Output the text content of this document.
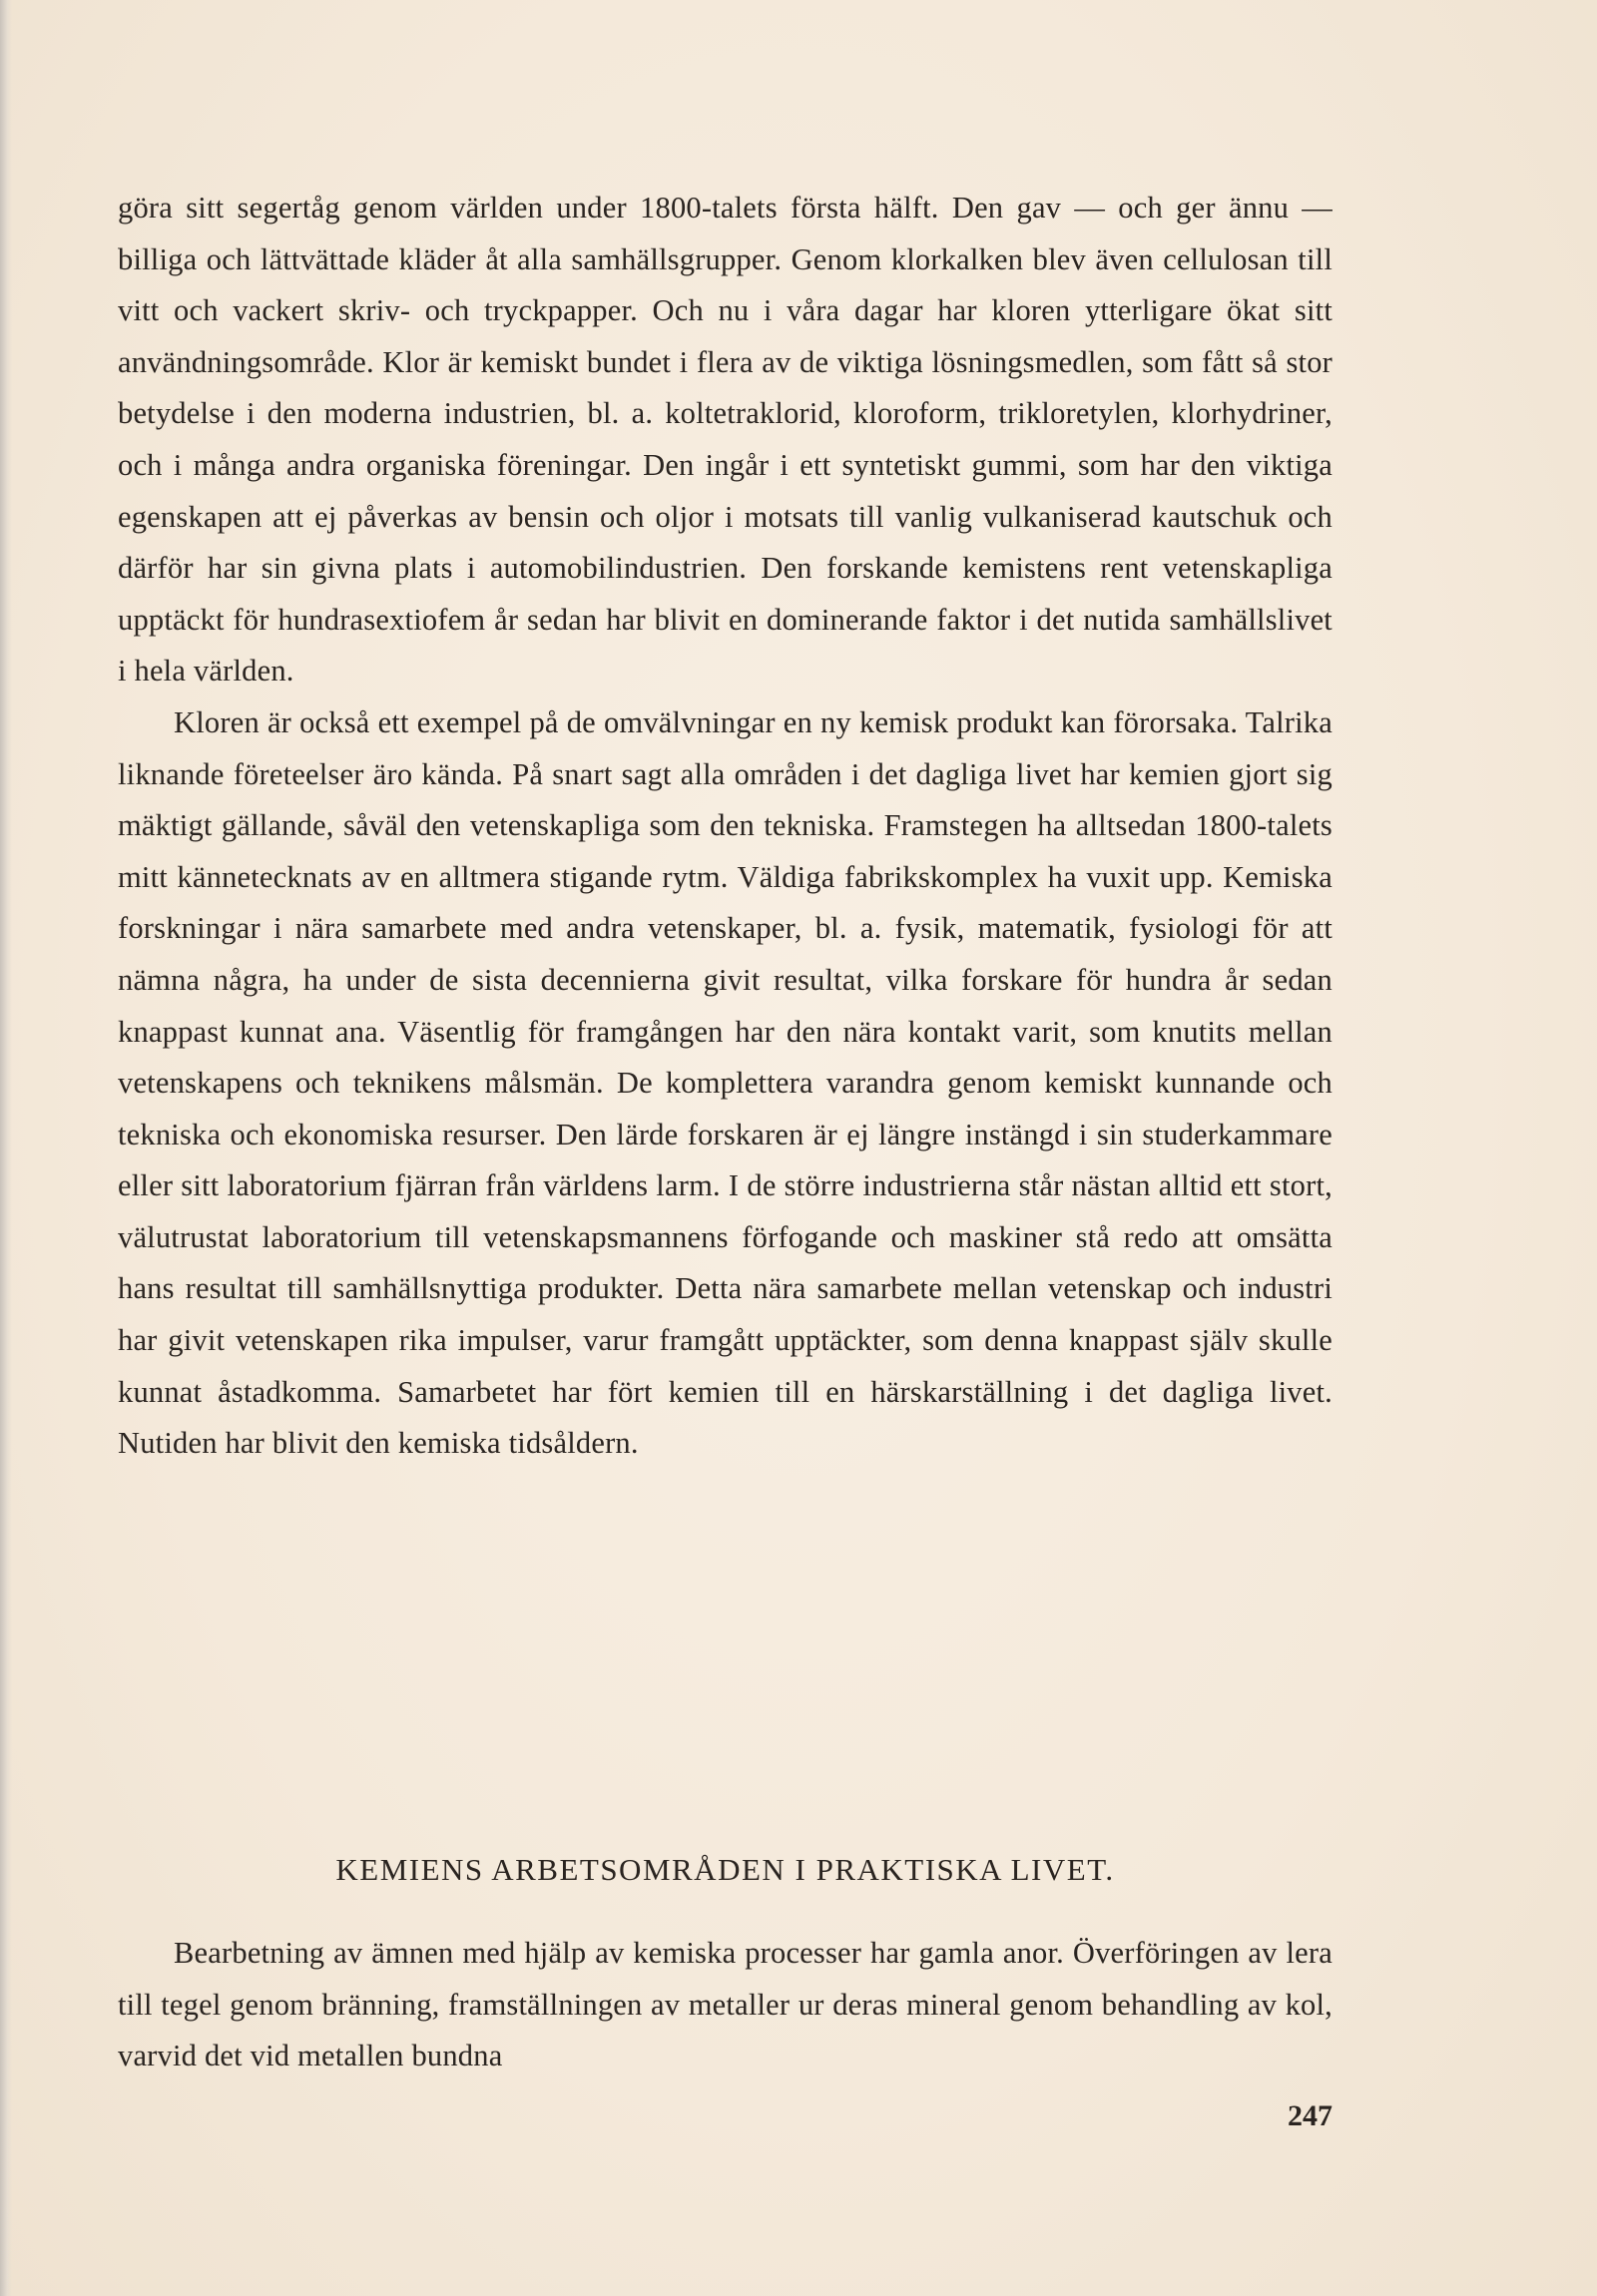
göra sitt segertåg genom världen under 1800-talets första hälft. Den gav — och ger ännu — billiga och lättvättade kläder åt alla samhällsgrupper. Genom klorkalken blev även cellulosan till vitt och vackert skriv- och tryckpapper. Och nu i våra dagar har kloren ytterligare ökat sitt användningsområde. Klor är kemiskt bundet i flera av de viktiga lösningsmedlen, som fått så stor betydelse i den moderna industrien, bl. a. koltetraklorid, kloroform, trikloretylen, klorhydriner, och i många andra organiska föreningar. Den ingår i ett syntetiskt gummi, som har den viktiga egenskapen att ej påverkas av bensin och oljor i motsats till vanlig vulkaniserad kautschuk och därför har sin givna plats i automobilindustrien. Den forskande kemistens rent vetenskapliga upptäckt för hundrasextiofem år sedan har blivit en dominerande faktor i det nutida samhällslivet i hela världen.

Kloren är också ett exempel på de omvälvningar en ny kemisk produkt kan förorsaka. Talrika liknande företeelser äro kända. På snart sagt alla områden i det dagliga livet har kemien gjort sig mäktigt gällande, såväl den vetenskapliga som den tekniska. Framstegen ha alltsedan 1800-talets mitt kännetecknats av en alltmera stigande rytm. Väldiga fabrikskomplex ha vuxit upp. Kemiska forskningar i nära samarbete med andra vetenskaper, bl. a. fysik, matematik, fysiologi för att nämna några, ha under de sista decennierna givit resultat, vilka forskare för hundra år sedan knappast kunnat ana. Väsentlig för framgången har den nära kontakt varit, som knutits mellan vetenskapens och teknikens målsmän. De komplettera varandra genom kemiskt kunnande och tekniska och ekonomiska resurser. Den lärde forskaren är ej längre instängd i sin studerkammare eller sitt laboratorium fjärran från världens larm. I de större industrierna står nästan alltid ett stort, välutrustat laboratorium till vetenskapsmannens förfogande och maskiner stå redo att omsätta hans resultat till samhällsnyttiga produkter. Detta nära samarbete mellan vetenskap och industri har givit vetenskapen rika impulser, varur framgått upptäckter, som denna knappast själv skulle kunnat åstadkomma. Samarbetet har fört kemien till en härskarställning i det dagliga livet. Nutiden har blivit den kemiska tidsåldern.

KEMIENS ARBETSOMRÅDEN I PRAKTISKA LIVET.

Bearbetning av ämnen med hjälp av kemiska processer har gamla anor. Överföringen av lera till tegel genom bränning, framställningen av metaller ur deras mineral genom behandling av kol, varvid det vid metallen bundna

247
